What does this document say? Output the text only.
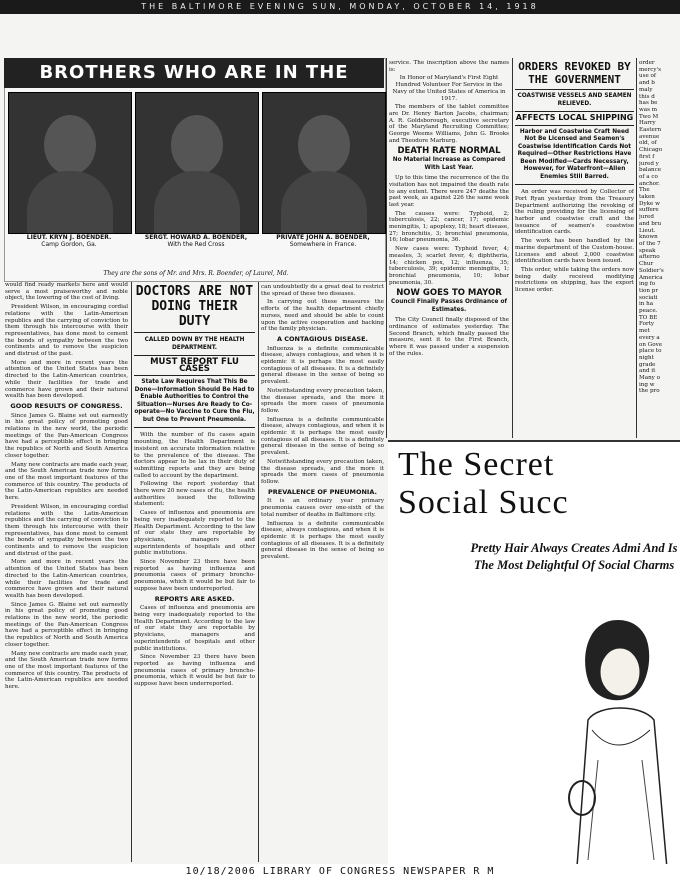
THE BALTIMORE EVENING SUN, MONDAY, OCTOBER 14, 1918
BROTHERS WHO ARE IN THE
LIEUT. KRYN J. BOENDER.
Camp Gordon, Ga.
SERGT. HOWARD A. BOENDER,
With the Red Cross
PRIVATE JOHN A. BOENDER,
Somewhere in France.
They are the sons of Mr. and Mrs. R. Boender, of Laurel, Md.

would find ready markets here and would serve a most praiseworthy and noble object, the lowering of the cost of living.

President Wilson, in encouraging cordial relations with the Latin-American republics and the carrying of conviction to them through his intercourse with their representatives, has done most to cement the bonds of sympathy between the two continents and to remove the suspicion and distrust of the past.

More and more in recent years the attention of the United States has been directed to the Latin-American countries, while their facilities for trade and commerce have grown and their natural wealth has been developed.

GOOD RESULTS OF CONGRESS.

Since James G. Blaine set out earnestly in his great policy of promoting good relations in the new world, the periodic meetings of the Pan-American Congress have had a perceptible effect in bringing the republics of North and South America closer together.

Many new contracts are made each year, and the South American trade now forms one of the most important features of the commerce of this country. The products of the Latin-American republics are needed here.

President Wilson, in encouraging cordial relations with the Latin-American republics and the carrying of conviction to them through his intercourse with their representatives, has done most to cement the bonds of sympathy between the two continents and to remove the suspicion and distrust of the past.

More and more in recent years the attention of the United States has been directed to the Latin-American countries, while their facilities for trade and commerce have grown and their natural wealth has been developed.

Since James G. Blaine set out earnestly in his great policy of promoting good relations in the new world, the periodic meetings of the Pan-American Congress have had a perceptible effect in bringing the republics of North and South America closer together.

Many new contracts are made each year, and the South American trade now forms one of the most important features of the commerce of this country. The products of the Latin-American republics are needed here.

DOCTORS ARE NOT DOING THEIR DUTY
CALLED DOWN BY THE HEALTH DEPARTMENT.
MUST REPORT FLU CASES
State Law Requires That This Be Done—Information Should Be Had to Enable Authorities to Control the Situation—Nurses Are Ready to Co-operate—No Vaccine to Cure the Flu, but One to Prevent Pneumonia.

With the number of flu cases again mounting, the Health Department is insistent on accurate information relative to the prevalence of the disease. The doctors appear to be lax in their duty of submitting reports and they are being called to account by the department.

Following the report yesterday that there were 20 new cases of flu, the health authorities issued the following statement:

Cases of influenza and pneumonia are being very inadequately reported to the Health Department. According to the law of our state they are reportable by physicians, managers and superintendents of hospitals and other public institutions.

Since November 23 there have been reported as having influenza and pneumonia cases of primary broncho-pneumonia, which it would be but fair to suppose have been underreported.

REPORTS ARE ASKED.

Cases of influenza and pneumonia are being very inadequately reported to the Health Department. According to the law of our state they are reportable by physicians, managers and superintendents of hospitals and other public institutions.

Since November 23 there have been reported as having influenza and pneumonia cases of primary broncho-pneumonia, which it would be but fair to suppose have been underreported.

can undoubtedly do a great deal to restrict the spread of these two diseases.

In carrying out these measures the efforts of the health department chiefly nurses, need and should be able to count upon the active cooperation and backing of the family physician.

A CONTAGIOUS DISEASE.

Influenza is a definite communicable disease, always contagious, and when it is epidemic it is perhaps the most easily contagious of all diseases. It is a definitely general disease in the sense of being so prevalent.

Notwithstanding every precaution taken, the disease spreads, and the more it spreads the more cases of pneumonia follow.

Influenza is a definite communicable disease, always contagious, and when it is epidemic it is perhaps the most easily contagious of all diseases. It is a definitely general disease in the sense of being so prevalent.

Notwithstanding every precaution taken, the disease spreads, and the more it spreads the more cases of pneumonia follow.

PREVALENCE OF PNEUMONIA.

It is an ordinary year primary pneumonia causes over one-sixth of the total number of deaths in Baltimore city.

Influenza is a definite communicable disease, always contagious, and when it is epidemic it is perhaps the most easily contagious of all diseases. It is a definitely general disease in the sense of being so prevalent.

service. The inscription above the names is:

In Honor of Maryland's First Eight Hundred Volunteer For Service in the Navy of the United States of America in 1917.

The members of the tablet committee are Dr. Henry Barton Jacobs, chairman; A. R. Goldsborough, executive secretary of the Maryland Recruiting Committee; George Weems Williams, John G. Brooks and Theodore Marburg.

DEATH RATE NORMAL
No Material Increase as Compared With Last Year.

Up to this time the recurrence of the flu visitation has not impaired the death rate to any extent. There were 247 deaths the past week, as against 226 the same week last year.

The causes were: Typhoid, 2; tuberculosis, 22; cancer, 17; epidemic meningitis, 1; apoplexy, 18; heart disease, 27; bronchitis, 3; bronchial pneumonia, 16; lobar pneumonia, 36.

New cases were: Typhoid fever, 4; measles, 3; scarlet fever, 4; diphtheria, 14; chicken pox, 12; influenza, 35; tuberculosis, 39; epidemic meningitis, 1; bronchial pneumonia, 10; lobar pneumonia, 30.

NOW GOES TO MAYOR
Council Finally Passes Ordinance of Estimates.

The City Council finally disposed of the ordinance of estimates yesterday. The Second Branch, which finally passed the measure, sent it to the First Branch, where it was passed under a suspension of the rules.

ORDERS REVOKED BY THE GOVERNMENT
COASTWISE VESSELS AND SEAMEN RELIEVED.
AFFECTS LOCAL SHIPPING
Harbor and Coastwise Craft Need Not Be Licensed and Seamen's Coastwise Identification Cards Not Required—Other Restrictions Have Been Modified—Cards Necessary, However, for Waterfront—Alien Enemies Still Barred.

An order was received by Collector of Port Ryan yesterday from the Treasury Department authorizing the revoking of the ruling providing for the licensing of harbor and coastwise craft and the issuance of seamen's coastwise identification cards.

The work has been handled by the marine department of the Custom-house. Licenses and about 2,000 coastwise identification cards have been issued.

This order, while taking the orders now being daily received modifying restrictions on shipping, has the export license order.

order
mercy's
use of
and b
maly
this d
has be
was m
Two M
Harry
Eastern
avenue
old, of
Chicago
first f
jured y
balance
of a co
anchor.
The
taken
Dyke w
suffere
jured
and bru
Lieut.
known
of the 7
speak
afterno
Chur
Soldier's
America
ing fo
tion pr
sociati
in ha
peace.
TO BE
Forty
met
every a
on Gove
place to
night
grade
and it
Many o
ing w
the pro
The Secret
Social Succ
Pretty Hair Always Creates Admi And Is The Most Delightful Of Social Charms
10/18/2006 LIBRARY OF CONGRESS NEWSPAPER R M
